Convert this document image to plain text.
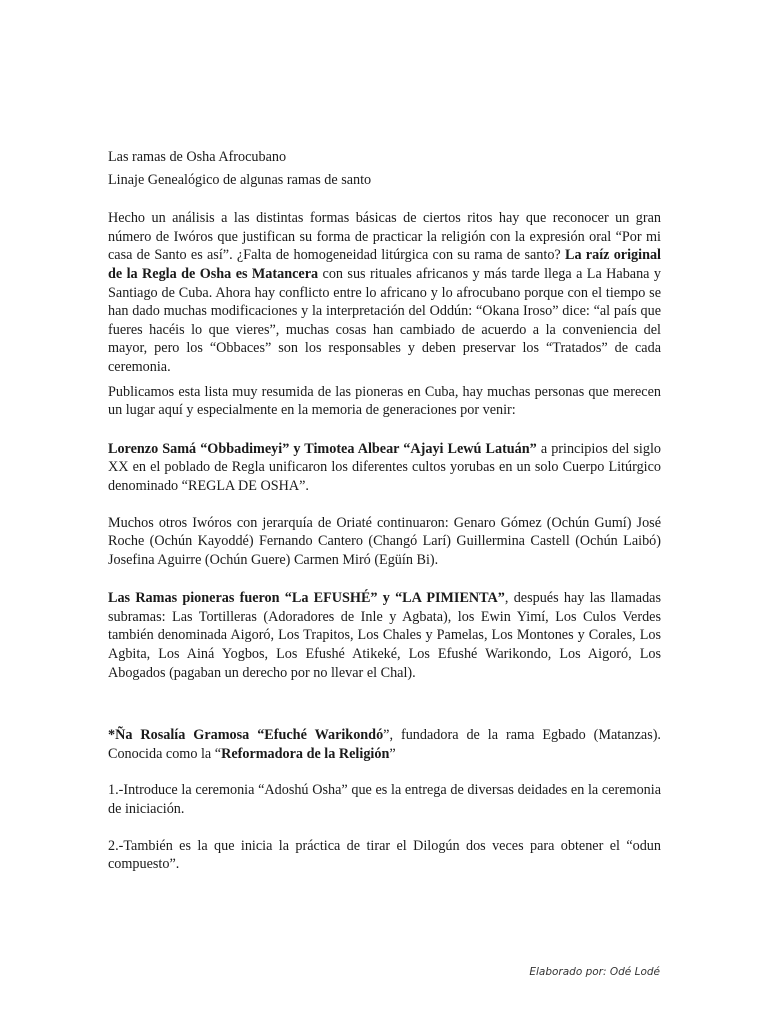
Las ramas de Osha Afrocubano

Linaje Genealógico de algunas ramas de santo

Hecho un análisis a las distintas formas básicas de ciertos ritos hay que reconocer un gran número de Iwóros que justifican su forma de practicar la religión con la expresión oral “Por mi casa de Santo es así”. ¿Falta de homogeneidad litúrgica con su rama de santo? La raíz original de la Regla de Osha es Matancera con sus rituales africanos y más tarde llega a La Habana y Santiago de Cuba. Ahora hay conflicto entre lo africano y lo afrocubano porque con el tiempo se han dado muchas modificaciones y la interpretación del Oddún: “Okana Iroso” dice: “al país que fueres hacéis lo que vieres”, muchas cosas han cambiado de acuerdo a la conveniencia del mayor, pero los “Obbaces” son los responsables y deben preservar los “Tratados” de cada ceremonia.

Publicamos esta lista muy resumida de las pioneras en Cuba, hay muchas personas que merecen un lugar aquí y especialmente en la memoria de generaciones por venir:

Lorenzo Samá “Obbadimeyi” y Timotea Albear “Ajayi Lewú Latuán” a principios del siglo XX en el poblado de Regla unificaron los diferentes cultos yorubas en un solo Cuerpo Litúrgico denominado “REGLA DE OSHA”.

Muchos otros Iwóros con jerarquía de Oriaté continuaron: Genaro Gómez (Ochún Gumí) José Roche (Ochún Kayoddé) Fernando Cantero (Changó Larí) Guillermina Castell (Ochún Laibó) Josefina Aguirre (Ochún Guere) Carmen Miró (Egüín Bi).

Las Ramas pioneras fueron “La EFUSHÉ” y “LA PIMIENTA”, después hay las llamadas subramas: Las Tortilleras (Adoradores de Inle y Agbata), los Ewin Yimí, Los Culos Verdes también denominada Aigoró, Los Trapitos, Los Chales y Pamelas, Los Montones y Corales, Los Agbita, Los Ainá Yogbos, Los Efushé Atikeké, Los Efushé Warikondo, Los Aigoró, Los Abogados (pagaban un derecho por no llevar el Chal).

*Ña Rosalía Gramosa “Efuché Warikondó”, fundadora de la rama Egbado (Matanzas). Conocida como la “Reformadora de la Religión”

1.-Introduce la ceremonia “Adoshú Osha” que es la entrega de diversas deidades en la ceremonia de iniciación.

2.-También es la que inicia la práctica de tirar el Dilogún dos veces para obtener el “odun compuesto”.

Elaborado por: Odé Lodé
